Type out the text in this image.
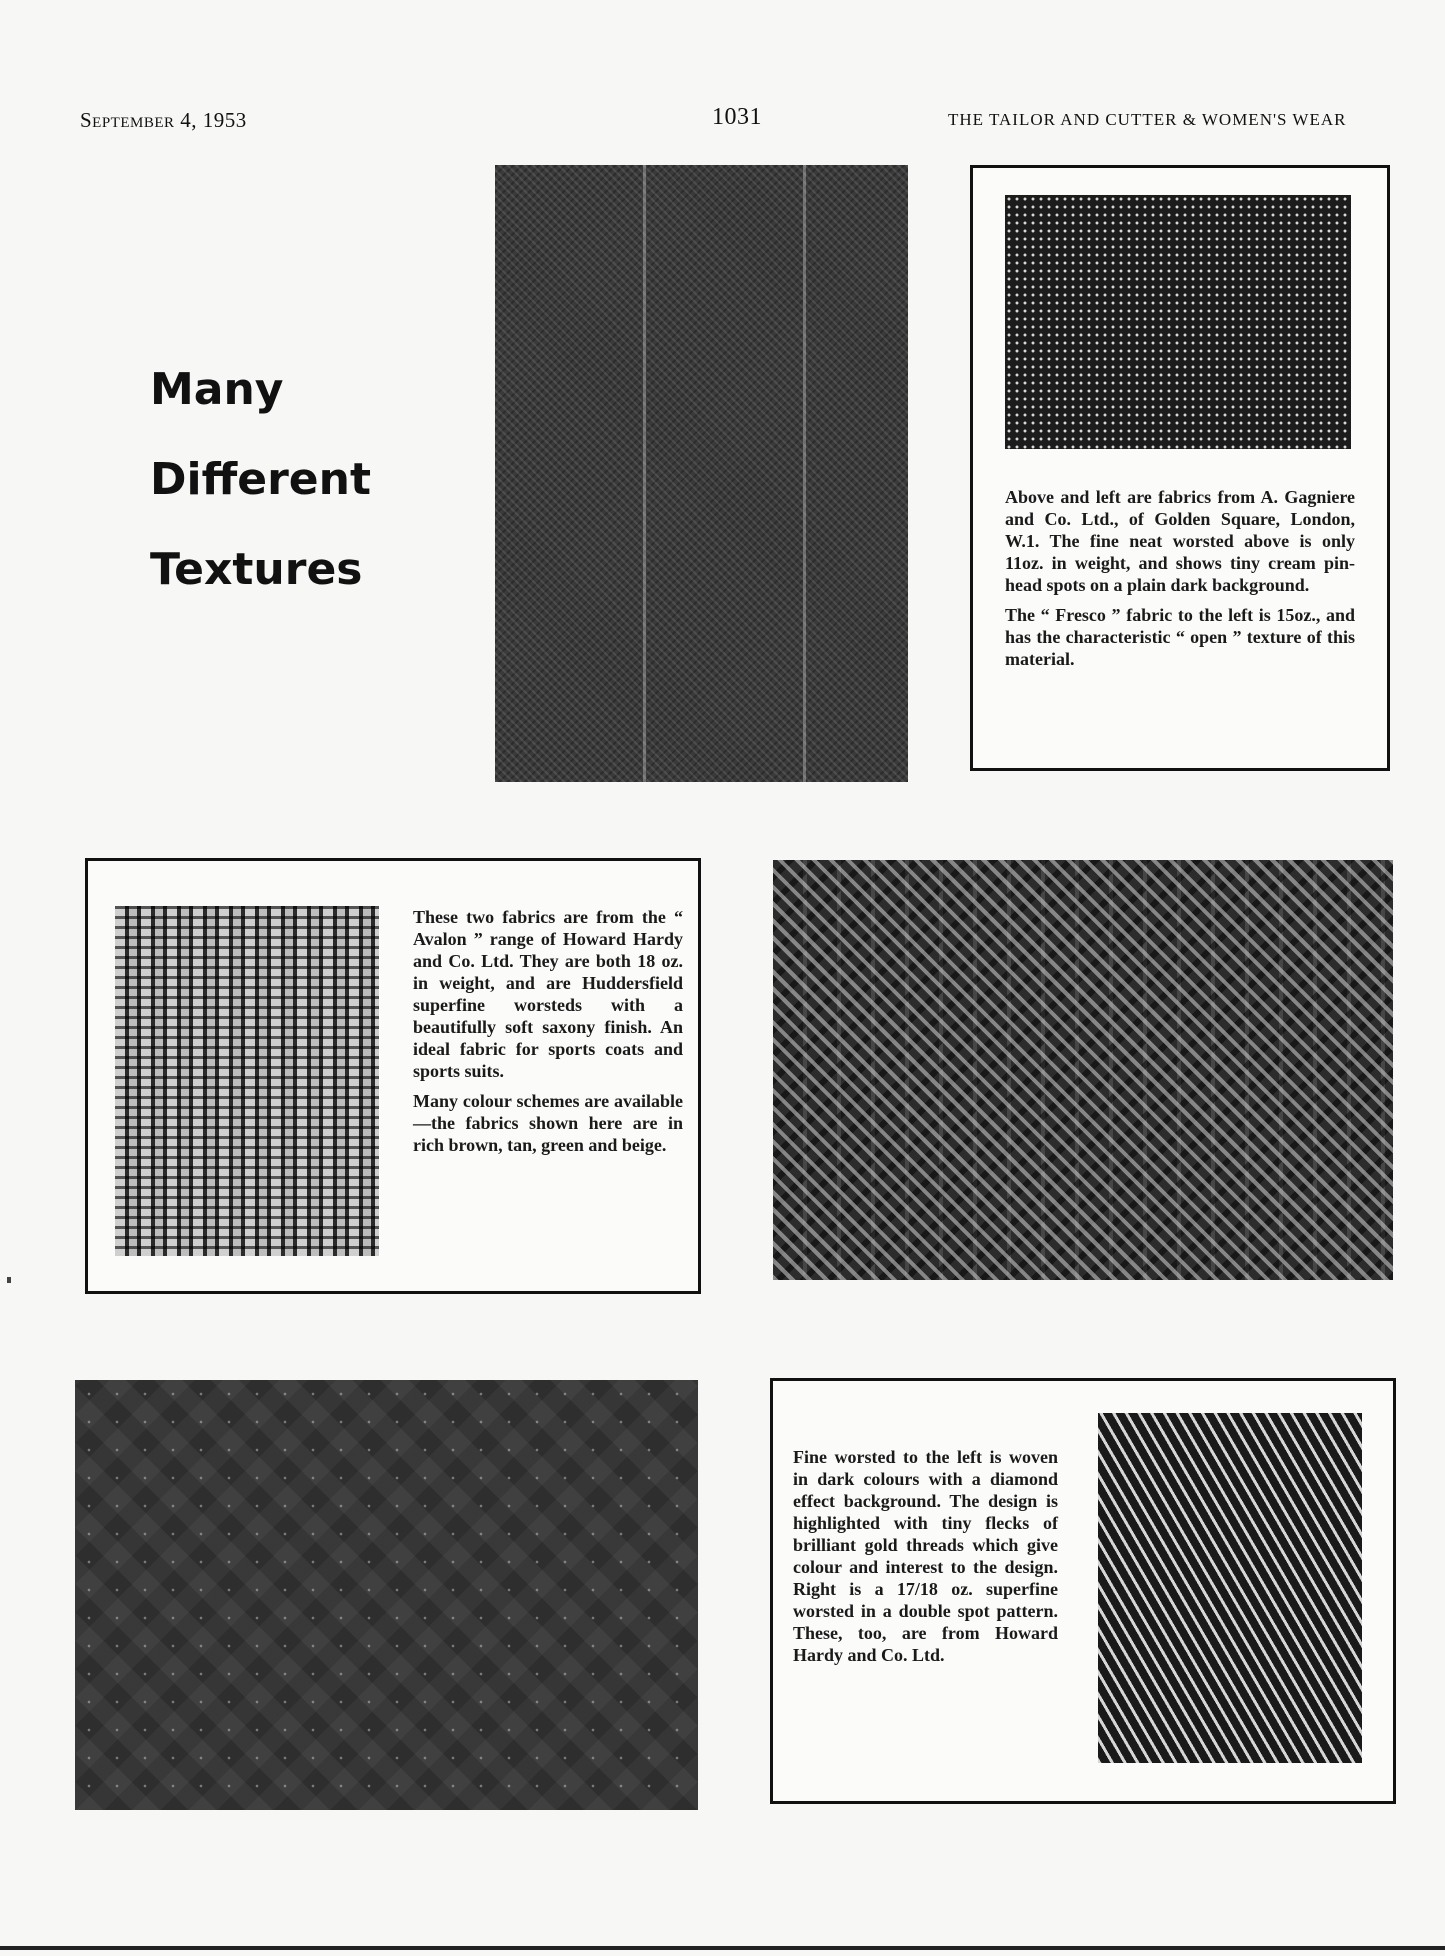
September 4, 1953	1031	THE TAILOR AND CUTTER & WOMEN'S WEAR
Many
Different
Textures

Above and left are fabrics from A. Gagniere and Co. Ltd., of Golden Square, London, W.1. The fine neat worsted above is only 11oz. in weight, and shows tiny cream pin-head spots on a plain dark background.

The “ Fresco ” fabric to the left is 15oz., and has the characteristic “ open ” texture of this material.

These two fabrics are from the “ Avalon ” range of Howard Hardy and Co. Ltd. They are both 18 oz. in weight, and are Huddersfield superfine worsteds with a beautifully soft saxony finish. An ideal fabric for sports coats and sports suits.

Many colour schemes are available—the fabrics shown here are in rich brown, tan, green and beige.

Fine worsted to the left is woven in dark colours with a diamond effect background. The design is highlighted with tiny flecks of brilliant gold threads which give colour and interest to the design. Right is a 17/18 oz. superfine worsted in a double spot pattern. These, too, are from Howard Hardy and Co. Ltd.
